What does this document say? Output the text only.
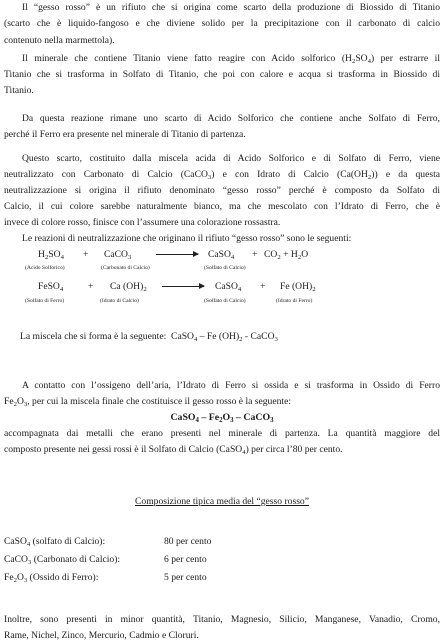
Il “gesso rosso” è un rifiuto che si origina come scarto della produzione di Biossido di Titanio
(scarto che è liquido-fangoso e che diviene solido per la precipitazione con il carbonato di calcio
contenuto nella marmettola).
Il minerale che contiene Titanio viene fatto reagire con Acido solforico $(H_2SO_4)$ per estrarre il
Titanio che si trasforma in Solfato di Titanio, che poi con calore e acqua si trasforma in Biossido di
Titanio.
Da questa reazione rimane uno scarto di Acido Solforico che contiene anche Solfato di Ferro,
perché il Ferro era presente nel minerale di Titanio di partenza.
Questo scarto, costituito dalla miscela acida di Acido Solforico e di Solfato di Ferro, viene
neutralizzato con Carbonato di Calcio (CaCO$_3$) e con Idrato di Calcio $(Ca(OH_2))$ e da questa
neutralizzazione si origina il rifiuto denominato “gesso rosso” perché è composto da Solfato di
Calcio, il cui colore sarebbe naturalmente bianco, ma che mescolato con l’Idrato di Ferro, che è
invece di colore rosso, finisce con l’assumere una colorazione rossastra.
Le reazioni di neutralizzazione che originano il rifiuto “gesso rosso” sono le seguenti:
$H_2SO_4$ + CaCO$_3$ → CaSO$_4$ + $CO_2 + H_2O$
(Acido Solforico)	(Carbonato di Calcio)	(Solfato di Calcio)
FeSO$_4$	+ Ca $(OH)_2$ → CaSO$_4$ + Fe $(OH)_2$
(Solfato di Ferro)	(Idrato di Calcio)	(Solfato di Calcio)	(Idrato di Ferro)
La miscela che si forma è la seguente: CaSO$_4$ – Fe $(OH)_2$ - CaCO$_3$
A contatto con l’ossigeno dell’aria, l’Idrato di Ferro si ossida e si trasforma in Ossido di Ferro
$Fe_2O_3$, per cui la miscela finale che costituisce il gesso rosso è la seguente:
CaSO$_4$ – $Fe_2O_3$ – CaCO$_3$
accompagnata dai metalli che erano presenti nel minerale di partenza. La quantità maggiore del
composto presente nei gessi rossi è il Solfato di Calcio (CaSO$_4$) per circa l’80 per cento.
Composizione tipica media del “gesso rosso”
CaSO$_4$ (solfato di Calcio):	80 per cento
CaCO$_3$ (Carbonato di Calcio):	6 per cento
$Fe_2O_3$ (Ossido di Ferro):	5 per cento
Inoltre, sono presenti in minor quantità, Titanio, Magnesio, Silicio, Manganese, Vanadio, Cromo,
Rame, Nichel, Zinco, Mercurio, Cadmio e Cloruri.
